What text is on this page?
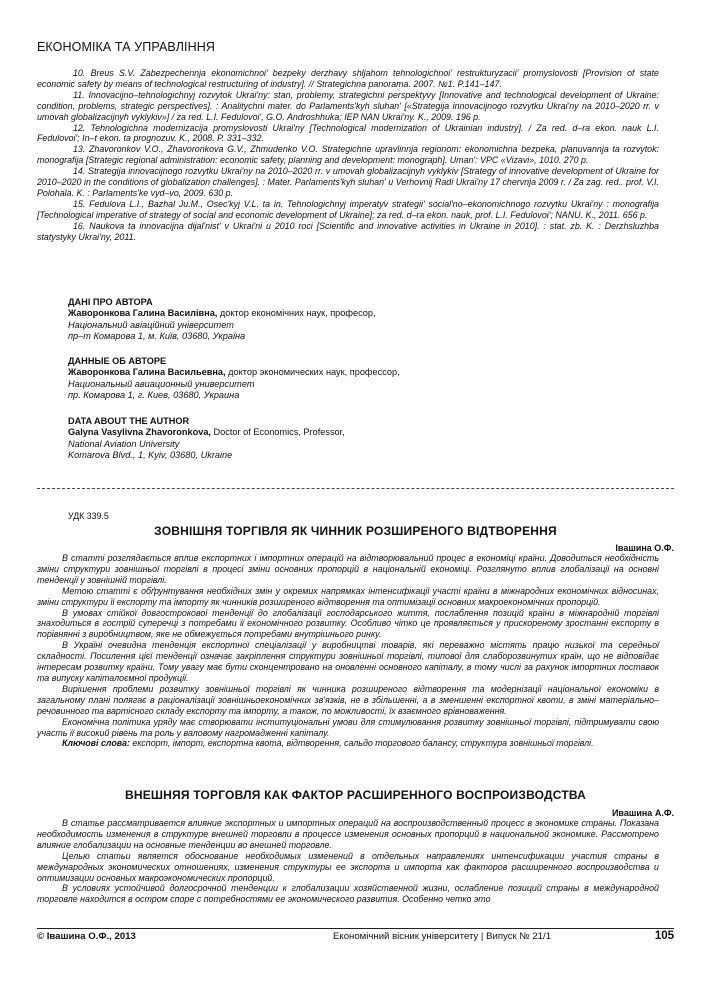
ЕКОНОМІКА ТА УПРАВЛІННЯ

10. Breus S.V. Zabezpechennja ekonomichnoi’ bezpeky derzhavy shljahom tehnologichnoi’ restrukturyzacii’ promyslovosti [Provision of state economic safety by means of technological restructuring of industry]. // Strategichna panorama. 2007. №1. P.141–147.

11. Innovacijno–tehnologichnyj rozvytok Ukrai'ny: stan, problemy, strategichni perspektyvy [Innovative and technological development of Ukraine: condition, problems, strategic perspectives]. : Analitychni mater. do Parlaments'kyh sluhan' [«Strategija innovacijnogo rozvytku Ukrai'ny na 2010–2020 rr. v umovah globalizacijnyh vyklykiv»] / za red. L.I. Fedulovoi', G.O. Androshhuka; IEP NAN Ukrai'ny. K., 2009. 196 p.

12. Tehnologichna modernizacija promyslovosti Ukrai'ny [Technological modernization of Ukrainian industry]. / Za red. d–ra ekon. nauk L.I. Fedulovoi'; In–t ekon. ta prognozuv. K., 2008. P. 331–332.

13. Zhavoronkov V.O., Zhavoronkova G.V., Zhmudenko V.O. Strategichne upravlinnja regionom: ekonomichna bezpeka, planuvannja ta rozvytok: monografija [Strategic regional administration: economic safety, planning and development: monograph]. Uman': VPC «Vizavi», 1010. 270 p.

14. Strategija innovacijnogo rozvytku Ukrai'ny na 2010–2020 rr. v umovah globalizacijnyh vyklykiv [Strategy of innovative development of Ukraine for 2010–2020 in the conditions of globalization challenges]. : Mater. Parlaments'kyh sluhan' u Verhovnij Radi Ukrai'ny 17 chervnja 2009 r. / Za zag. red.. prof. V.I. Polohala. K. : Parlaments'ke vyd–vo, 2009. 630 p.

15. Fedulova L.I., Bazhal Ju.M., Osec'kyj V.L. ta in. Tehnologichnyj imperatyv strategii' social'no–ekonomichnogo rozvytku Ukrai'ny : monografija [Technological imperative of strategy of social and economic development of Ukraine]; za red. d–ra ekon. nauk, prof. L.I. Fedulovoi'; NANU. K., 2011. 656 p.

16. Naukova ta innovacijna dijal'nist' v Ukrai'ni u 2010 roci [Scientific and innovative activities in Ukraine in 2010]. : stat. zb. K. : Derzhsluzhba statystyky Ukrai'ny, 2011.

ДАНІ ПРО АВТОРА
Жаворонкова Галина Василівна, доктор економічних наук, професор,
Національний авіаційний університет
пр–т Комарова 1, м. Київ, 03680, Україна
ДАННЫЕ ОБ АВТОРЕ
Жаворонкова Галина Васильевна, доктор экономических наук, профессор,
Национальный авиационный университет
пр. Комарова 1, г. Киев, 03680, Украина
DATA ABOUT THE AUTHOR
Galyna Vasylivna Zhavoronkova, Doctor of Economics, Professor,
National Aviation University
Komarova Blvd., 1, Kyiv, 03680, Ukraine
УДК 339.5
ЗОВНІШНЯ ТОРГІВЛЯ ЯК ЧИННИК РОЗШИРЕНОГО ВІДТВОРЕННЯ
Івашина О.Ф.

В статті розглядається вплив експортних і імпортних операцій на відтворювальний процес в економіці країни. Доводиться необхідність зміни структури зовнішньої торгівлі в процесі зміни основних пропорцій в національній економіці. Розглянуто вплив глобалізації на основні тенденції у зовнішній торгівлі.

Метою статті є обґрунтування необхідних змін у окремих напрямках інтенсифікації участі країни в міжнародних економічних відносинах, зміни структури її експорту та імпорту як чинників розширеного відтворення та оптимізації основних макроекономічних пропорцій.

В умовах стійкої довгострокової тенденції до глобалізації господарського життя, послаблення позицій країни в міжнародній торгівлі знаходиться в гострій суперечці з потребами її економічного розвитку. Особливо чітко це проявляється у прискореному зростанні експорту в порівнянні з виробництвом, яке не обмежується потребами внутрішнього ринку.

В Україні очевидна тенденція експортної спеціалізації у виробництві товарів, які переважно містять працю низької та середньої складності. Посилення цієї тенденції означає закріплення структури зовнішньої торгівлі, типової для слаборозвинутих країн, що не відповідає інтересам розвитку країни. Тому увагу має бути сконцентровано на оновленні основного капіталу, в тому числі за рахунок імпортних поставок та випуску капіталоємної продукції.

Вирішення проблеми розвитку зовнішньої торгівлі як чинника розширеного відтворення та модернізації національної економіки в загальному плані полягає в раціоналізації зовнішньоекономічних зв'язків, не в збільшенні, а в зменшенні експортної квоти, в зміні матеріально–речовинного та вартісного складу експорту та імпорту, а також, по можливості, їх взаємного врівноваження.

Економічна політика уряду має створювати інституціональні умови для стимулювання розвитку зовнішньої торгівлі, підтримувати свою участь її високий рівень та роль у валовому нагромадженні капіталу.

Ключові слова: експорт, імпорт, експортна квота, відтворення, сальдо торгового балансу, структура зовнішньої торгівлі.

ВНЕШНЯЯ ТОРГОВЛЯ КАК ФАКТОР РАСШИРЕННОГО ВОСПРОИЗВОДСТВА
Ивашина А.Ф.

В статье рассматривается влияние экспортных и импортных операций на воспроизводственный процесс в экономике страны. Показана необходимость изменения в структуре внешней торговли в процессе изменения основных пропорций в национальной экономике. Рассмотрено влияние глобализации на основные тенденции во внешней торговле.

Целью статьи является обоснование необходимых изменений в отдельных направлениях интенсификации участия страны в международных экономических отношениях, изменения структуры ее экспорта и импорта как факторов расширенного воспроизводства и оптимизации основных макроэкономических пропорций.

В условиях устойчивой долгосрочной тенденции к глобализации хозяйственной жизни, ослабление позиций страны в международной торговле находится в остром споре с потребностями ее экономического развития. Особенно четко это

© Івашина О.Ф., 2013	Економічний вісник університету | Випуск № 21/1	105
